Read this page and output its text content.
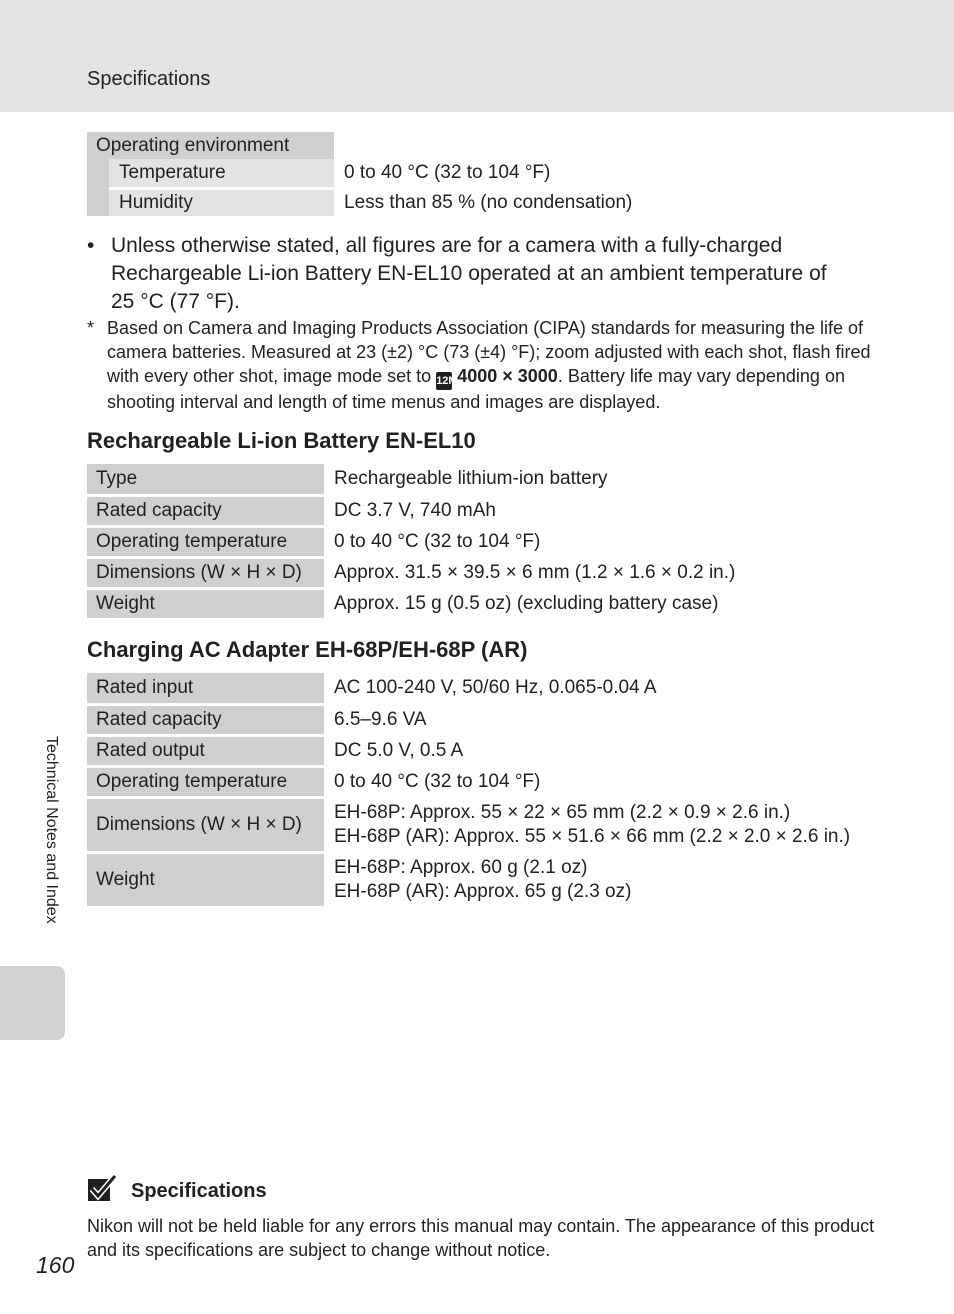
Specifications
Technical Notes and Index
Operating environment		
	Temperature	0 to 40 °C (32 to 104 °F)
	Humidity	Less than 85 % (no condensation)
• Unless otherwise stated, all figures are for a camera with a fully-charged Rechargeable Li-ion Battery EN-EL10 operated at an ambient temperature of 25 °C (77 °F).
* Based on Camera and Imaging Products Association (CIPA) standards for measuring the life of camera batteries. Measured at 23 (±2) °C (73 (±4) °F); zoom adjusted with each shot, flash fired with every other shot, image mode set to 12M 4000 × 3000. Battery life may vary depending on shooting interval and length of time menus and images are displayed.
Rechargeable Li-ion Battery EN-EL10
Type	Rechargeable lithium-ion battery
Rated capacity	DC 3.7 V, 740 mAh
Operating temperature	0 to 40 °C (32 to 104 °F)
Dimensions (W × H × D)	Approx. 31.5 × 39.5 × 6 mm (1.2 × 1.6 × 0.2 in.)
Weight	Approx. 15 g (0.5 oz) (excluding battery case)
Charging AC Adapter EH-68P/EH-68P (AR)
Rated input	AC 100-240 V, 50/60 Hz, 0.065-0.04 A
Rated capacity	6.5–9.6 VA
Rated output	DC 5.0 V, 0.5 A
Operating temperature	0 to 40 °C (32 to 104 °F)
Dimensions (W × H × D)	EH-68P: Approx. 55 × 22 × 65 mm (2.2 × 0.9 × 2.6 in.)
EH-68P (AR): Approx. 55 × 51.6 × 66 mm (2.2 × 2.0 × 2.6 in.)

Weight	EH-68P: Approx. 60 g (2.1 oz)
EH-68P (AR): Approx. 65 g (2.3 oz)
Specifications
Nikon will not be held liable for any errors this manual may contain. The appearance of this product and its specifications are subject to change without notice.
160
